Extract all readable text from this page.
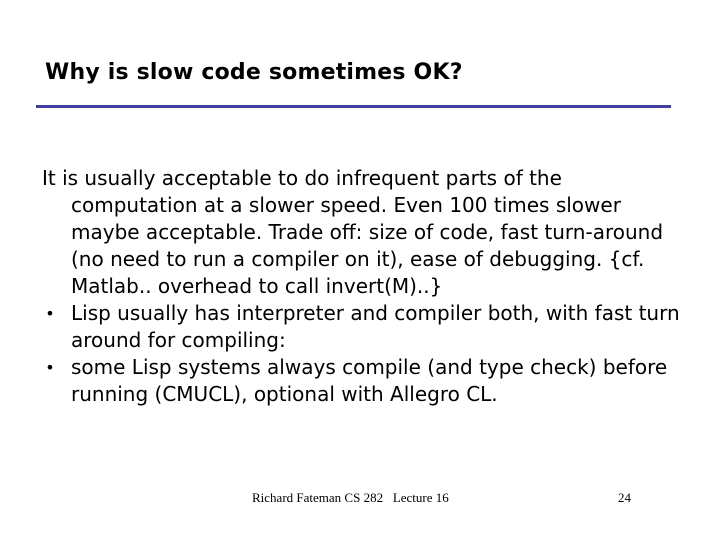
Why is slow code sometimes OK?

It is usually acceptable to do infrequent parts of the computation at a slower speed. Even 100 times slower maybe acceptable. Trade off: size of code, fast turn-around (no need to run a compiler on it), ease of debugging. {cf. Matlab.. overhead to call invert(M)..}

• Lisp usually has interpreter and compiler both, with fast turn around for compiling:

• some Lisp systems always compile (and type check) before running (CMUCL), optional with Allegro CL.

Richard Fateman CS 282   Lecture 16	24
